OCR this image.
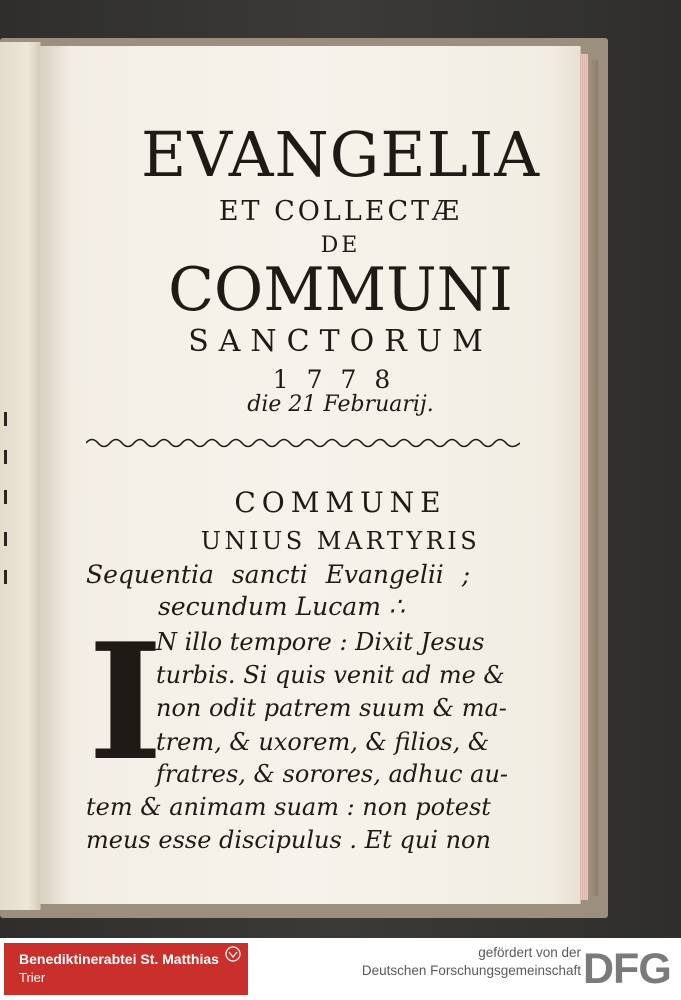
EVANGELIA
ET COLLECTÆ
DE
COMMUNI
SANCTORUM
1778
die 21 Februarij.
COMMUNE
UNIUS MARTYRIS
Sequentia sancti Evangelii ;
secundum Lucam ∴
I
N illo tempore : Dixit Jesus
turbis. Si quis venit ad me &
non odit patrem suum & ma-
trem, & uxorem, & filios, &
fratres, & sorores, adhuc au-
tem & animam suam : non potest
meus esse discipulus . Et qui non
Benediktinerabtei St. Matthias
Trier
gefördert von der
Deutschen Forschungsgemeinschaft DFG
